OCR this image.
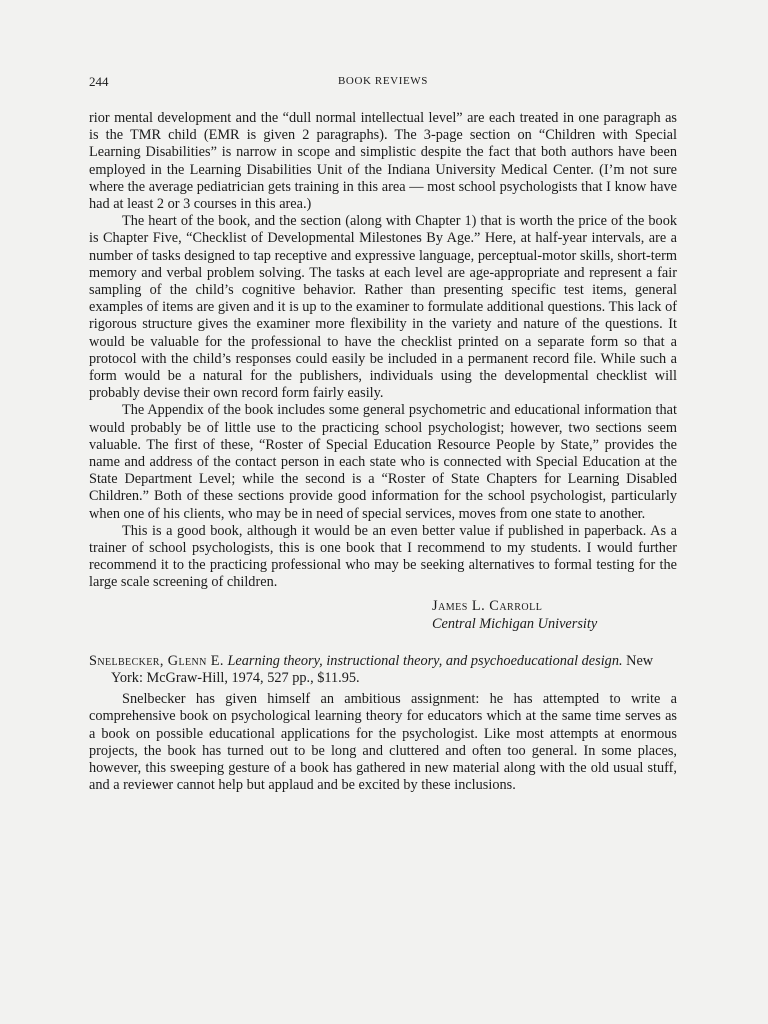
244	BOOK REVIEWS

rior mental development and the “dull normal intellectual level” are each treated in one paragraph as is the TMR child (EMR is given 2 paragraphs). The 3-page section on “Children with Special Learning Disabilities” is narrow in scope and simplistic despite the fact that both authors have been employed in the Learning Disabilities Unit of the Indiana University Medical Center. (I’m not sure where the average pediatrician gets training in this area — most school psychologists that I know have had at least 2 or 3 courses in this area.)

The heart of the book, and the section (along with Chapter 1) that is worth the price of the book is Chapter Five, “Checklist of Developmental Milestones By Age.” Here, at half-year intervals, are a number of tasks designed to tap receptive and expressive language, perceptual-motor skills, short-term memory and verbal problem solving. The tasks at each level are age-appropriate and represent a fair sampling of the child’s cognitive behavior. Rather than presenting specific test items, general examples of items are given and it is up to the examiner to formulate additional questions. This lack of rigorous structure gives the examiner more flexibility in the variety and nature of the questions. It would be valuable for the professional to have the checklist printed on a separate form so that a protocol with the child’s responses could easily be included in a permanent record file. While such a form would be a natural for the publishers, individuals using the developmental checklist will probably devise their own record form fairly easily.

The Appendix of the book includes some general psychometric and educational information that would probably be of little use to the practicing school psychologist; however, two sections seem valuable. The first of these, “Roster of Special Education Resource People by State,” provides the name and address of the contact person in each state who is connected with Special Education at the State Department Level; while the second is a “Roster of State Chapters for Learning Disabled Children.” Both of these sections provide good information for the school psychologist, particularly when one of his clients, who may be in need of special services, moves from one state to another.

This is a good book, although it would be an even better value if published in paperback. As a trainer of school psychologists, this is one book that I recommend to my students. I would further recommend it to the practicing professional who may be seeking alternatives to formal testing for the large scale screening of children.

James L. Carroll
Central Michigan University
Snelbecker, Glenn E. Learning theory, instructional theory, and psychoeducational design. New York: McGraw-Hill, 1974, 527 pp., $11.95.

Snelbecker has given himself an ambitious assignment: he has attempted to write a comprehensive book on psychological learning theory for educators which at the same time serves as a book on possible educational applications for the psychologist. Like most attempts at enormous projects, the book has turned out to be long and cluttered and often too general. In some places, however, this sweeping gesture of a book has gathered in new material along with the old usual stuff, and a reviewer cannot help but applaud and be excited by these inclusions.
